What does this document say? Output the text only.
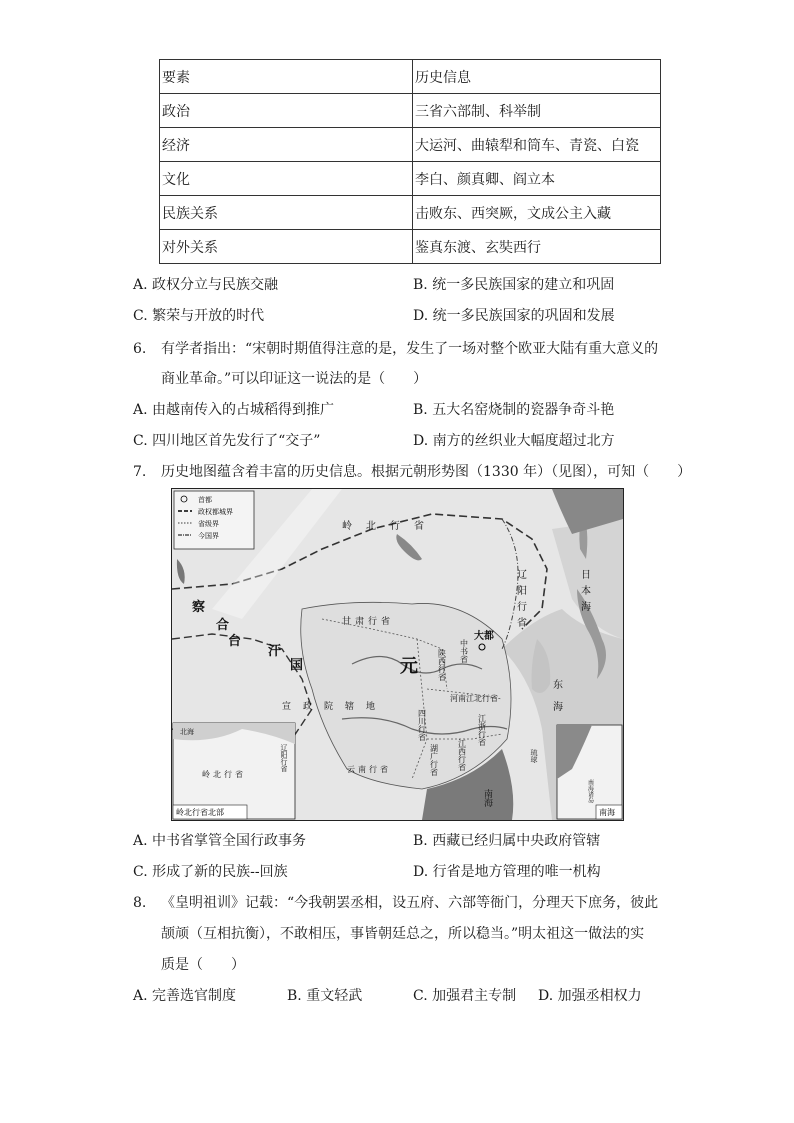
要素	历史信息
政治	三省六部制、科举制
经济	大运河、曲辕犁和筒车、青瓷、白瓷
文化	李白、颜真卿、阎立本
民族关系	击败东、西突厥，文成公主入藏
对外关系	鉴真东渡、玄奘西行
A. 政权分立与民族交融	B. 统一多民族国家的建立和巩固
C. 繁荣与开放的时代	D. 统一多民族国家的巩固和发展
6. 有学者指出：“宋朝时期值得注意的是，发生了一场对整个欧亚大陆有重大意义的
商业革命。”可以印证这一说法的是（　　）
A. 由越南传入的占城稻得到推广	B. 五大名窑烧制的瓷器争奇斗艳
C. 四川地区首先发行了“交子”	D. 南方的丝织业大幅度超过北方
7. 历史地图蕴含着丰富的历史信息。根据元朝形势图（1330 年）（见图），可知（　　）
首都
政权都城界
省级界
今国界
岭北行省
辽阳行省
甘肃行省
元
大都
中书省
陕西行省
河南江北行省
四川行省	江浙行省
江西行省
湖广行省
云南行省
宣政院辖地
察
合
台
汗
国
日本海
东海
琉球
南海
北海
辽阳行省
岭北行省
岭北行省北部
南海诸岛
南海
A. 中书省掌管全国行政事务	B. 西藏已经归属中央政府管辖
C. 形成了新的民族--回族	D. 行省是地方管理的唯一机构
8. 《皇明祖训》记载：“今我朝罢丞相，设五府、六部等衙门，分理天下庶务，彼此
颉颃（互相抗衡），不敢相压，事皆朝廷总之，所以稳当。”明太祖这一做法的实
质是（　　）
A. 完善选官制度	B. 重文轻武	C. 加强君主专制 D. 加强丞相权力
